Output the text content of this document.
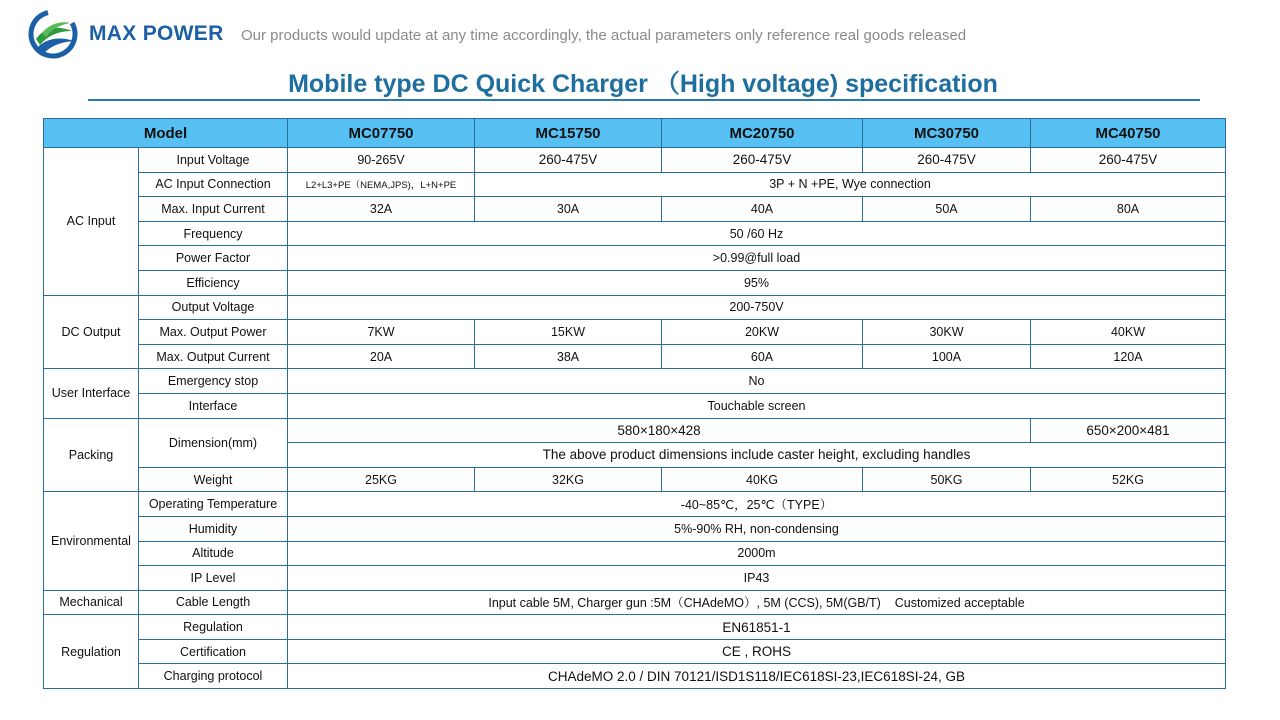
MAX POWER Our products would update at any time accordingly, the actual parameters only reference real goods released
Mobile type DC Quick Charger （High voltage) specification
Model		MC07750	MC15750	MC20750	MC30750	MC40750
AC Input	Input Voltage	90-265V	260-475V	260-475V	260-475V	260-475V
	AC Input Connection	L2+L3+PE（NEMA,JPS)，L+N+PE	3P + N +PE, Wye connection			
	Max. Input Current	32A	30A	40A	50A	80A
	Frequency	50 /60 Hz				
	Power Factor	>0.99@full load				
	Efficiency	95%				
DC Output	Output Voltage	200-750V				
	Max. Output Power	7KW	15KW	20KW	30KW	40KW
	Max. Output Current	20A	38A	60A	100A	120A
User Interface	Emergency stop	No				
	Interface	Touchable screen				
Packing	Dimension(mm)	580×180×428				650×200×481
		The above product dimensions include caster height, excluding handles				
	Weight	25KG	32KG	40KG	50KG	52KG
Environmental	Operating Temperature	-40~85℃，25℃（TYPE）				
	Humidity	5%-90% RH, non-condensing				
	Altitude	2000m				
	IP Level	IP43				
Mechanical	Cable Length	Input cable 5M, Charger gun :5M（CHAdeMO）, 5M (CCS), 5M(GB/T)    Customized acceptable				
Regulation	Regulation	EN61851-1				
	Certification	CE , ROHS				
	Charging protocol	CHAdeMO 2.0 / DIN 70121/ISD1S118/IEC618SI-23,IEC618SI-24, GB				
